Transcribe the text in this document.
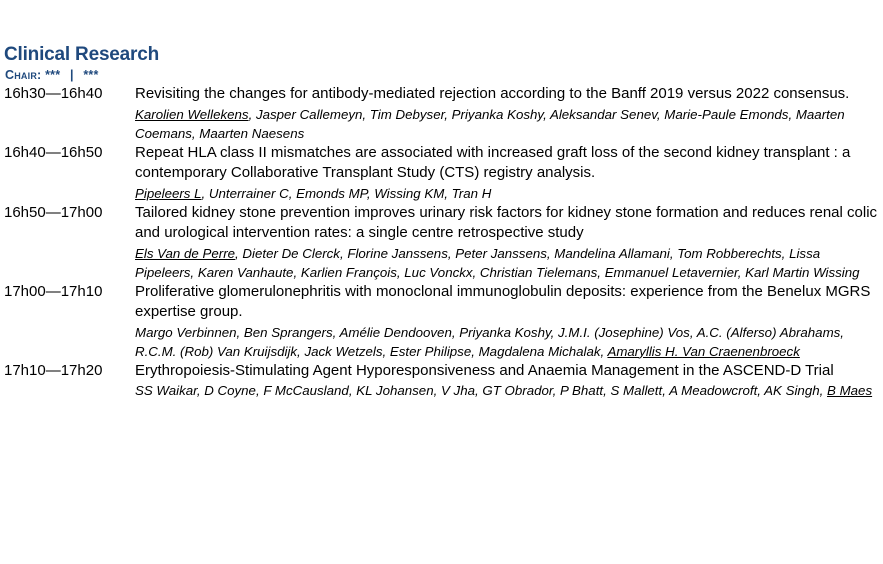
Clinical Research
Chair: *** | ***
16h30—16h40	Revisiting the changes for antibody-mediated rejection according to the Banff 2019 versus 2022 consensus.

Karolien Wellekens, Jasper Callemeyn, Tim Debyser, Priyanka Koshy, Aleksandar Senev, Marie-Paule Emonds, Maarten Coemans, Maarten Naesens

16h40—16h50	Repeat HLA class II mismatches are associated with increased graft loss of the second kidney transplant : a contemporary Collaborative Transplant Study (CTS) registry analysis.

Pipeleers L, Unterrainer C, Emonds MP, Wissing KM, Tran H

16h50—17h00	Tailored kidney stone prevention improves urinary risk factors for kidney stone formation and reduces renal colic and urological intervention rates: a single centre retrospective study

Els Van de Perre, Dieter De Clerck, Florine Janssens, Peter Janssens, Mandelina Allamani, Tom Robberechts, Lissa Pipeleers, Karen Vanhaute, Karlien François, Luc Vonckx, Christian Tielemans, Emmanuel Letavernier, Karl Martin Wissing

17h00—17h10	Proliferative glomerulonephritis with monoclonal immunoglobulin deposits: experience from the Benelux MGRS expertise group.

Margo Verbinnen, Ben Sprangers, Amélie Dendooven, Priyanka Koshy, J.M.I. (Josephine) Vos, A.C. (Alferso) Abrahams, R.C.M. (Rob) Van Kruijsdijk, Jack Wetzels, Ester Philipse, Magdalena Michalak, Amaryllis H. Van Craenenbroeck

17h10—17h20	Erythropoiesis-Stimulating Agent Hyporesponsiveness and Anaemia Management in the ASCEND-D Trial

SS Waikar, D Coyne, F McCausland, KL Johansen, V Jha, GT Obrador, P Bhatt, S Mallett, A Meadowcroft, AK Singh, B Maes
